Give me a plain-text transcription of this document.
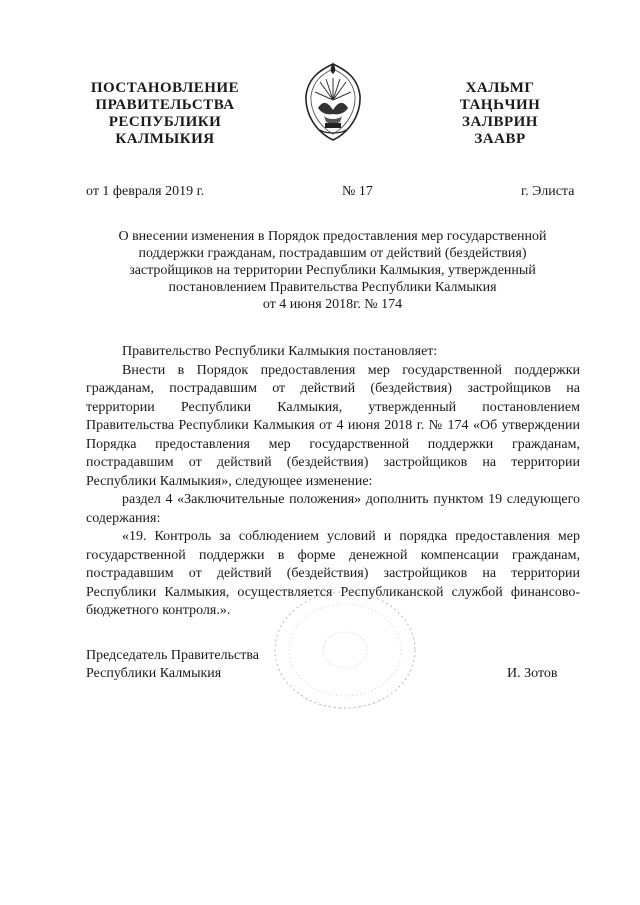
ПОСТАНОВЛЕНИЕ
ПРАВИТЕЛЬСТВА
РЕСПУБЛИКИ
КАЛМЫКИЯ
ХАЛЬМГ
ТАҢҺЧИН
ЗАЛВРИН
ЗААВР
от 1 февраля 2019 г.	№ 17	г. Элиста
О внесении изменения в Порядок предоставления мер государственной
поддержки гражданам, пострадавшим от действий (бездействия)
застройщиков на территории Республики Калмыкия, утвержденный
постановлением Правительства Республики Калмыкия
от 4 июня 2018г. № 174

Правительство Республики Калмыкия постановляет:

Внести в Порядок предоставления мер государственной поддержки гражданам, пострадавшим от действий (бездействия) застройщиков на территории Республики Калмыкия, утвержденный постановлением Правительства Республики Калмыкия от 4 июня 2018 г. № 174 «Об утверждении Порядка предоставления мер государственной поддержки гражданам, пострадавшим от действий (бездействия) застройщиков на территории Республики Калмыкия», следующее изменение:

раздел 4 «Заключительные положения» дополнить пунктом 19 следующего содержания:

«19. Контроль за соблюдением условий и порядка предоставления мер государственной поддержки в форме денежной компенсации гражданам, пострадавшим от действий (бездействия) застройщиков на территории Республики Калмыкия, осуществляется Республиканской службой финансово-бюджетного контроля.».

Председатель Правительства
Республики Калмыкия	И. Зотов
